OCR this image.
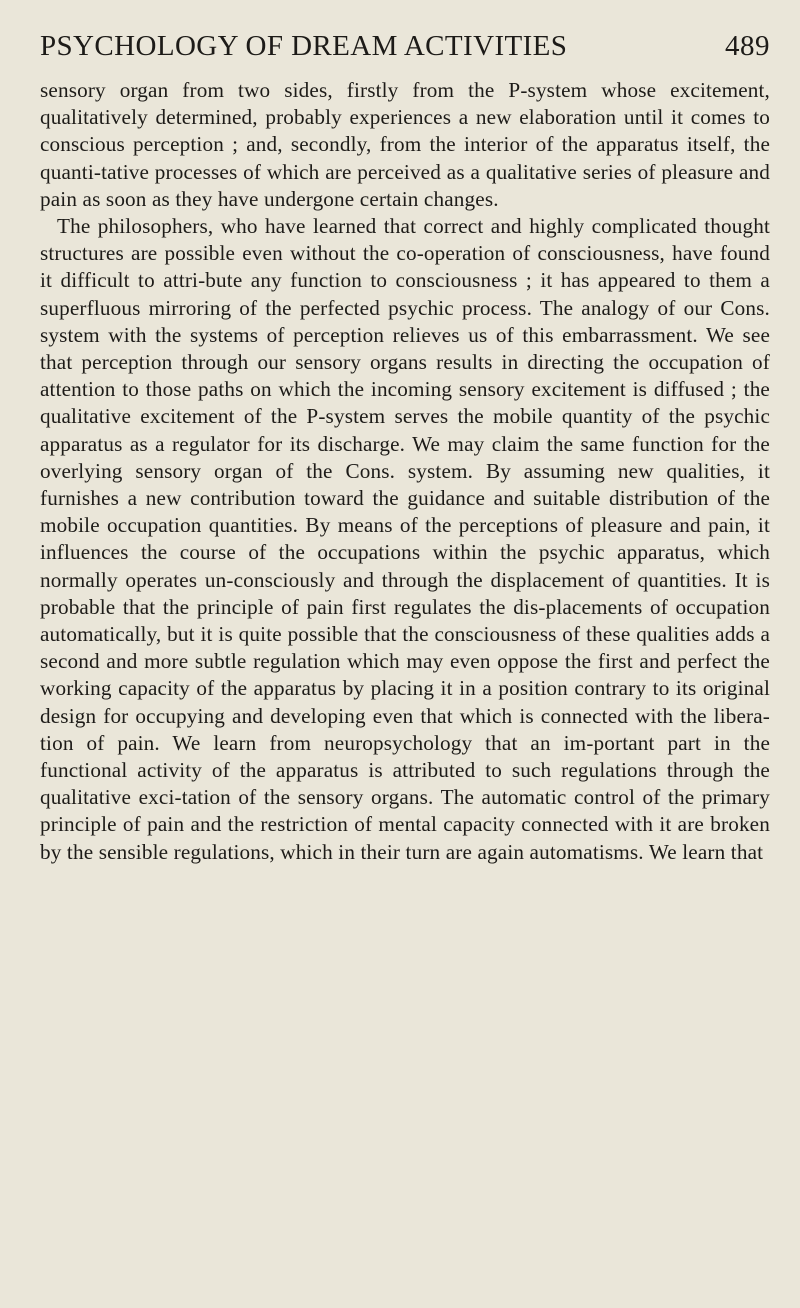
PSYCHOLOGY OF DREAM ACTIVITIES	489

sensory organ from two sides, firstly from the P-system whose excitement, qualitatively determined, probably experiences a new elaboration until it comes to conscious perception ; and, secondly, from the interior of the apparatus itself, the quanti-tative processes of which are perceived as a qualitative series of pleasure and pain as soon as they have undergone certain changes.

The philosophers, who have learned that correct and highly complicated thought structures are possible even without the co-operation of consciousness, have found it difficult to attri-bute any function to consciousness ; it has appeared to them a superfluous mirroring of the perfected psychic process. The analogy of our Cons. system with the systems of perception relieves us of this embarrassment. We see that perception through our sensory organs results in directing the occupation of attention to those paths on which the incoming sensory excitement is diffused ; the qualitative excitement of the P-system serves the mobile quantity of the psychic apparatus as a regulator for its discharge. We may claim the same function for the overlying sensory organ of the Cons. system. By assuming new qualities, it furnishes a new contribution toward the guidance and suitable distribution of the mobile occupation quantities. By means of the perceptions of pleasure and pain, it influences the course of the occupations within the psychic apparatus, which normally operates un-consciously and through the displacement of quantities. It is probable that the principle of pain first regulates the dis-placements of occupation automatically, but it is quite possible that the consciousness of these qualities adds a second and more subtle regulation which may even oppose the first and perfect the working capacity of the apparatus by placing it in a position contrary to its original design for occupying and developing even that which is connected with the libera-tion of pain. We learn from neuropsychology that an im-portant part in the functional activity of the apparatus is attributed to such regulations through the qualitative exci-tation of the sensory organs. The automatic control of the primary principle of pain and the restriction of mental capacity connected with it are broken by the sensible regulations, which in their turn are again automatisms. We learn that
